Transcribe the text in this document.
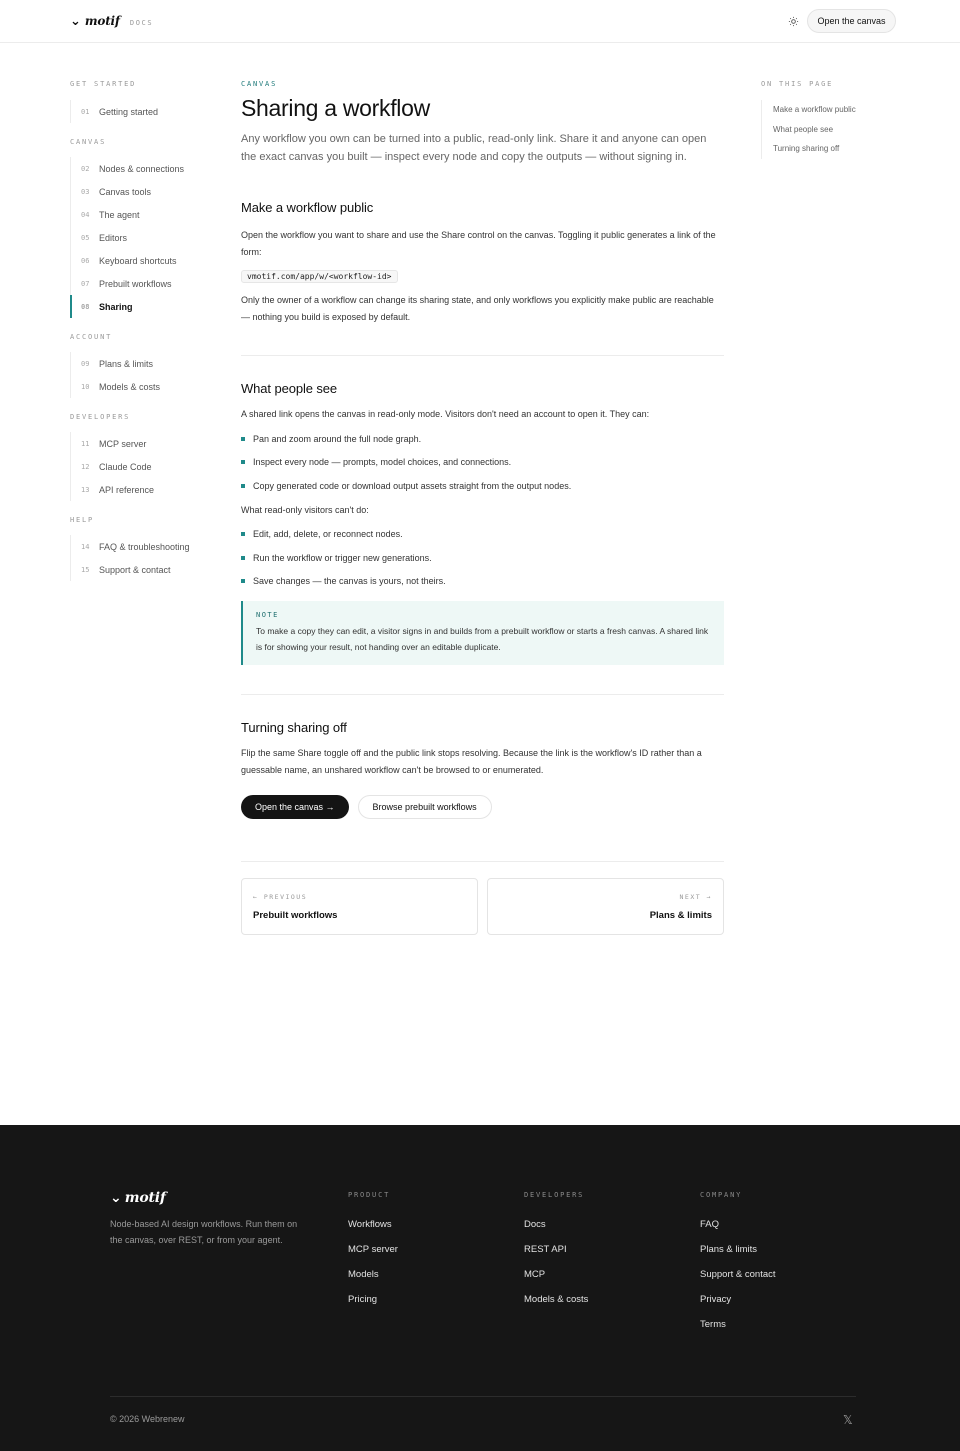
⌄ motif DOCS	Open the canvas
GET STARTED
01	Getting started
CANVAS
02	Nodes & connections
03	Canvas tools
04	The agent
05	Editors
06	Keyboard shortcuts
07	Prebuilt workflows
08	Sharing
ACCOUNT
09	Plans & limits
10	Models & costs
DEVELOPERS
11	MCP server
12	Claude Code
13	API reference
HELP
14	FAQ & troubleshooting
15	Support & contact
CANVAS
Sharing a workflow

Any workflow you own can be turned into a public, read-only link. Share it and anyone can open the exact canvas you built — inspect every node and copy the outputs — without signing in.

Make a workflow public

Open the workflow you want to share and use the Share control on the canvas. Toggling it public generates a link of the form:

vmotif.com/app/w/<workflow-id>

Only the owner of a workflow can change its sharing state, and only workflows you explicitly make public are reachable — nothing you build is exposed by default.

What people see

A shared link opens the canvas in read-only mode. Visitors don't need an account to open it. They can:

Pan and zoom around the full node graph.
Inspect every node — prompts, model choices, and connections.
Copy generated code or download output assets straight from the output nodes.

What read-only visitors can't do:

Edit, add, delete, or reconnect nodes.
Run the workflow or trigger new generations.
Save changes — the canvas is yours, not theirs.
NOTE
To make a copy they can edit, a visitor signs in and builds from a prebuilt workflow or starts a fresh canvas. A shared link is for showing your result, not handing over an editable duplicate.
Turning sharing off

Flip the same Share toggle off and the public link stops resolving. Because the link is the workflow's ID rather than a guessable name, an unshared workflow can't be browsed to or enumerated.

Open the canvas →	Browse prebuilt workflows
← PREVIOUS
Prebuilt workflows
NEXT →
Plans & limits
ON THIS PAGE
Make a workflow public
What people see
Turning sharing off
⌄ motif

Node-based AI design workflows. Run them on the canvas, over REST, or from your agent.

PRODUCT
Workflows
MCP server
Models
Pricing
DEVELOPERS
Docs
REST API
MCP
Models & costs
COMPANY
FAQ
Plans & limits
Support & contact
Privacy
Terms
© 2026 Webrenew	𝕏
